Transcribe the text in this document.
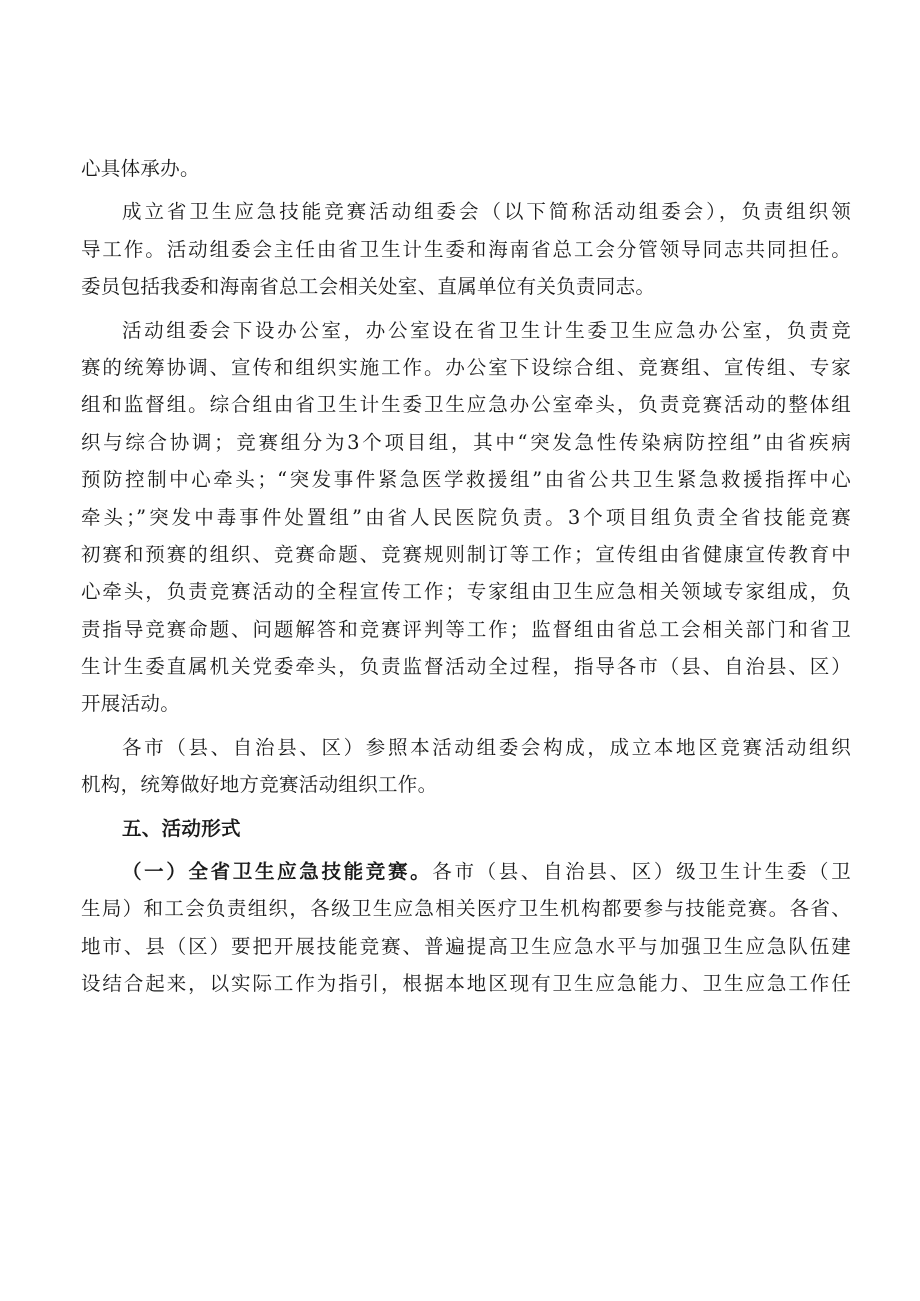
心具体承办。
成立省卫生应急技能竞赛活动组委会（以下简称活动组委会），负责组织领
导工作。活动组委会主任由省卫生计生委和海南省总工会分管领导同志共同担任。
委员包括我委和海南省总工会相关处室、直属单位有关负责同志。
活动组委会下设办公室，办公室设在省卫生计生委卫生应急办公室，负责竞
赛的统筹协调、宣传和组织实施工作。办公室下设综合组、竞赛组、宣传组、专家
组和监督组。综合组由省卫生计生委卫生应急办公室牵头，负责竞赛活动的整体组
织与综合协调；竞赛组分为3个项目组，其中“突发急性传染病防控组”由省疾病
预防控制中心牵头；“突发事件紧急医学救援组”由省公共卫生紧急救援指挥中心
牵头；”突发中毒事件处置组”由省人民医院负责。3个项目组负责全省技能竞赛
初赛和预赛的组织、竞赛命题、竞赛规则制订等工作；宣传组由省健康宣传教育中
心牵头，负责竞赛活动的全程宣传工作；专家组由卫生应急相关领域专家组成，负
责指导竞赛命题、问题解答和竞赛评判等工作；监督组由省总工会相关部门和省卫
生计生委直属机关党委牵头，负责监督活动全过程，指导各市（县、自治县、区）
开展活动。
各市（县、自治县、区）参照本活动组委会构成，成立本地区竞赛活动组织
机构，统筹做好地方竞赛活动组织工作。
五、活动形式
（一）全省卫生应急技能竞赛。各市（县、自治县、区）级卫生计生委（卫
生局）和工会负责组织，各级卫生应急相关医疗卫生机构都要参与技能竞赛。各省、
地市、县（区）要把开展技能竞赛、普遍提高卫生应急水平与加强卫生应急队伍建
设结合起来，以实际工作为指引，根据本地区现有卫生应急能力、卫生应急工作任
